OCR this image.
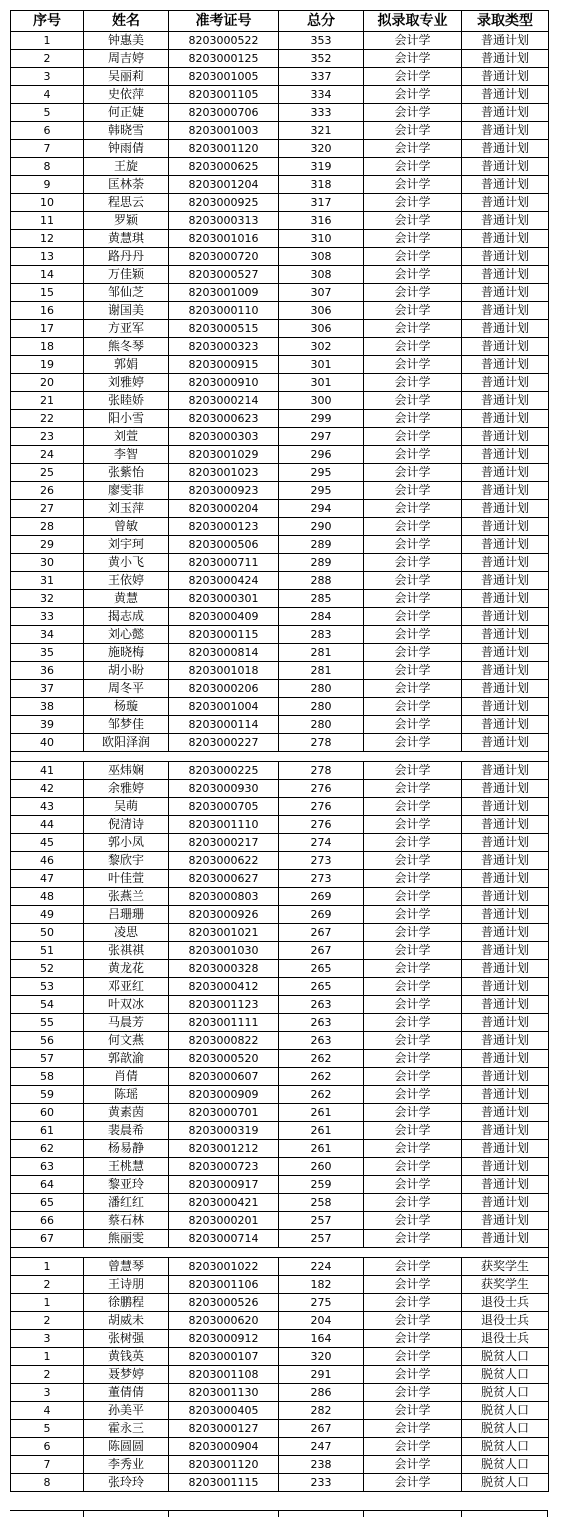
序号	姓名	准考证号	总分	拟录取专业	录取类型
1	钟惠美	8203000522	353	会计学	普通计划
2	周吉婷	8203000125	352	会计学	普通计划
3	吴丽莉	8203001005	337	会计学	普通计划
4	史依萍	8203001105	334	会计学	普通计划
5	何正婕	8203000706	333	会计学	普通计划
6	韩晓雪	8203001003	321	会计学	普通计划
7	钟雨倩	8203001120	320	会计学	普通计划
8	王旋	8203000625	319	会计学	普通计划
9	匡林荼	8203001204	318	会计学	普通计划
10	程思云	8203000925	317	会计学	普通计划
11	罗颖	8203000313	316	会计学	普通计划
12	黄慧琪	8203001016	310	会计学	普通计划
13	路丹丹	8203000720	308	会计学	普通计划
14	万佳颖	8203000527	308	会计学	普通计划
15	邹仙芝	8203001009	307	会计学	普通计划
16	谢国美	8203000110	306	会计学	普通计划
17	方亚军	8203000515	306	会计学	普通计划
18	熊冬琴	8203000323	302	会计学	普通计划
19	郭娟	8203000915	301	会计学	普通计划
20	刘雅婷	8203000910	301	会计学	普通计划
21	张睦娇	8203000214	300	会计学	普通计划
22	阳小雪	8203000623	299	会计学	普通计划
23	刘萱	8203000303	297	会计学	普通计划
24	李智	8203001029	296	会计学	普通计划
25	张紫怡	8203001023	295	会计学	普通计划
26	廖雯菲	8203000923	295	会计学	普通计划
27	刘玉萍	8203000204	294	会计学	普通计划
28	曾敏	8203000123	290	会计学	普通计划
29	刘宇珂	8203000506	289	会计学	普通计划
30	黄小飞	8203000711	289	会计学	普通计划
31	王依婷	8203000424	288	会计学	普通计划
32	黄慧	8203000301	285	会计学	普通计划
33	揭志成	8203000409	284	会计学	普通计划
34	刘心懿	8203000115	283	会计学	普通计划
35	施晓梅	8203000814	281	会计学	普通计划
36	胡小盼	8203001018	281	会计学	普通计划
37	周冬平	8203000206	280	会计学	普通计划
38	杨璇	8203001004	280	会计学	普通计划
39	邹梦佳	8203000114	280	会计学	普通计划
40	欧阳泽润	8203000227	278	会计学	普通计划

41	巫炜娴	8203000225	278	会计学	普通计划
42	余雅婷	8203000930	276	会计学	普通计划
43	吴萌	8203000705	276	会计学	普通计划
44	倪清诗	8203001110	276	会计学	普通计划
45	郭小凤	8203000217	274	会计学	普通计划
46	黎欣宇	8203000622	273	会计学	普通计划
47	叶佳萱	8203000627	273	会计学	普通计划
48	张燕兰	8203000803	269	会计学	普通计划
49	吕珊珊	8203000926	269	会计学	普通计划
50	凌思	8203001021	267	会计学	普通计划
51	张祺祺	8203001030	267	会计学	普通计划
52	黄龙花	8203000328	265	会计学	普通计划
53	邓亚红	8203000412	265	会计学	普通计划
54	叶双冰	8203001123	263	会计学	普通计划
55	马晨芳	8203001111	263	会计学	普通计划
56	何文燕	8203000822	263	会计学	普通计划
57	郭歆渝	8203000520	262	会计学	普通计划
58	肖倩	8203000607	262	会计学	普通计划
59	陈瑶	8203000909	262	会计学	普通计划
60	黄素茵	8203000701	261	会计学	普通计划
61	裴晨希	8203000319	261	会计学	普通计划
62	杨易静	8203001212	261	会计学	普通计划
63	王桃慧	8203000723	260	会计学	普通计划
64	黎亚玲	8203000917	259	会计学	普通计划
65	潘红红	8203000421	258	会计学	普通计划
66	蔡石林	8203000201	257	会计学	普通计划
67	熊丽雯	8203000714	257	会计学	普通计划

1	曾慧琴	8203001022	224	会计学	获奖学生
2	王诗朋	8203001106	182	会计学	获奖学生
1	徐鹏程	8203000526	275	会计学	退役士兵
2	胡威未	8203000620	204	会计学	退役士兵
3	张树强	8203000912	164	会计学	退役士兵
1	黄钱英	8203000107	320	会计学	脱贫人口
2	聂梦婷	8203001108	291	会计学	脱贫人口
3	董倩倩	8203001130	286	会计学	脱贫人口
4	孙美平	8203000405	282	会计学	脱贫人口
5	霍永三	8203000127	267	会计学	脱贫人口
6	陈圆圆	8203000904	247	会计学	脱贫人口
7	李秀业	8203001120	238	会计学	脱贫人口
8	张玲玲	8203001115	233	会计学	脱贫人口
